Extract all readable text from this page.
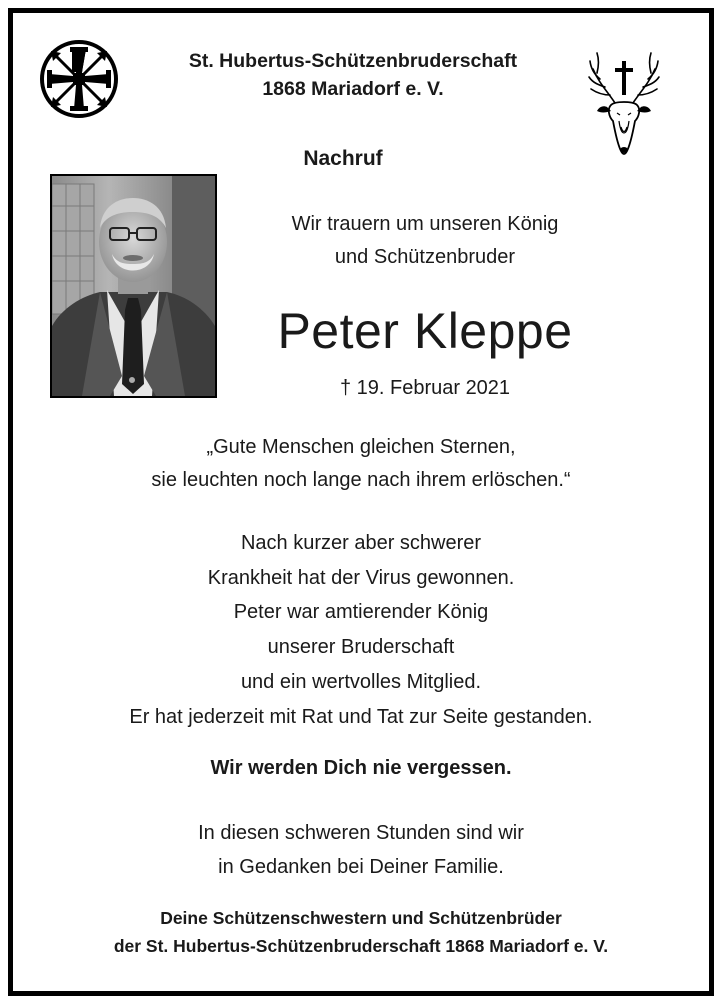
St. Hubertus-Schützenbruderschaft
1868 Mariadorf e. V.
Nachruf
Wir trauern um unseren König
und Schützenbruder
Peter Kleppe
† 19. Februar 2021
„Gute Menschen gleichen Sternen,
sie leuchten noch lange nach ihrem erlöschen.“
Nach kurzer aber schwerer
Krankheit hat der Virus gewonnen.
Peter war amtierender König
unserer Bruderschaft
und ein wertvolles Mitglied.
Er hat jederzeit mit Rat und Tat zur Seite gestanden.
Wir werden Dich nie vergessen.
In diesen schweren Stunden sind wir
in Gedanken bei Deiner Familie.
Deine Schützenschwestern und Schützenbrüder
der St. Hubertus-Schützenbruderschaft 1868 Mariadorf e. V.
